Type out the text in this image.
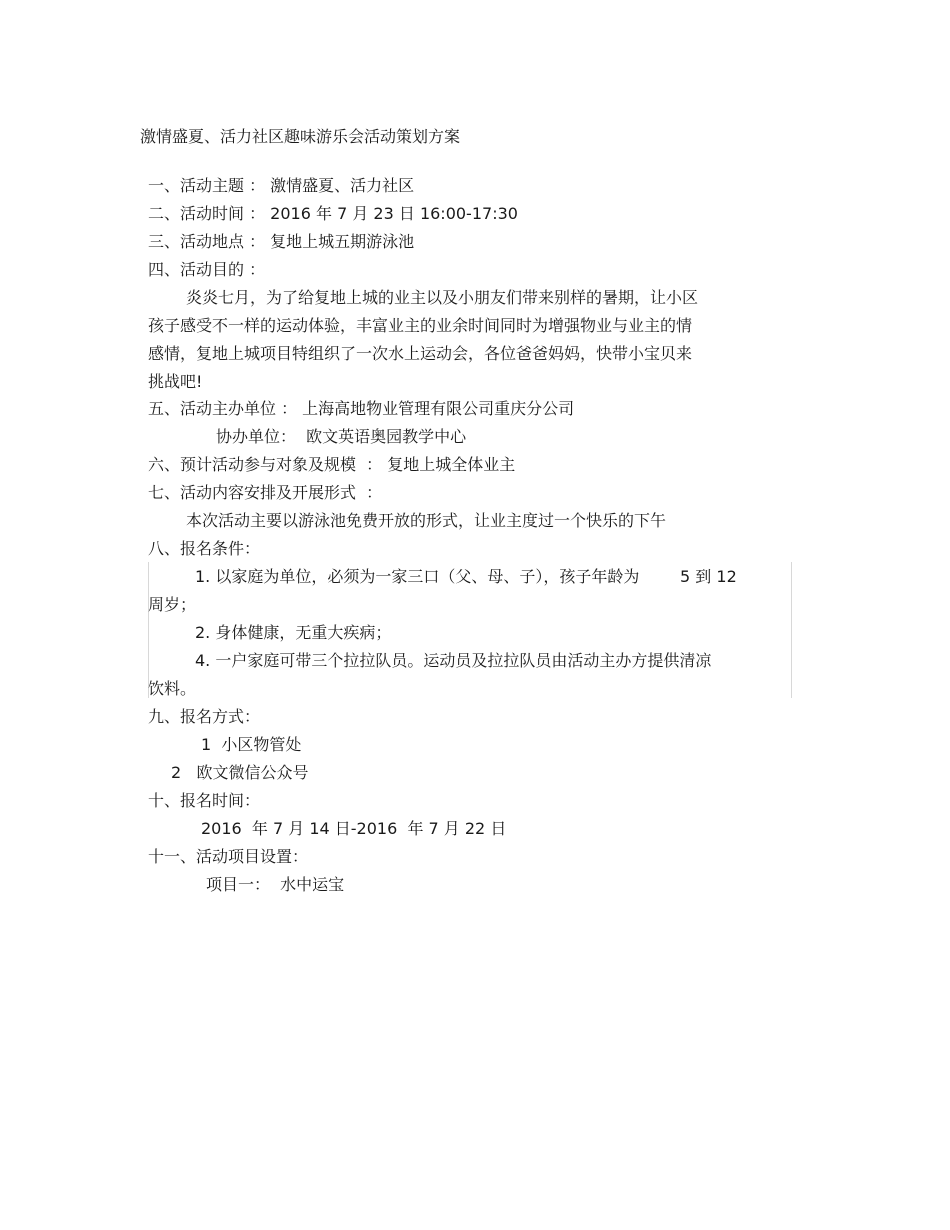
激情盛夏、活力社区趣味游乐会活动策划方案
一、活动主题 ： 激情盛夏、活力社区
二、活动时间 ： 2016 年 7 月 23 日 16:00-17:30
三、活动地点 ： 复地上城五期游泳池
四、活动目的 ：
炎炎七月，为了给复地上城的业主以及小朋友们带来别样的暑期，让小区
孩子感受不一样的运动体验，丰富业主的业余时间同时为增强物业与业主的情
感情，复地上城项目特组织了一次水上运动会，各位爸爸妈妈，快带小宝贝来
挑战吧!
五、活动主办单位 ： 上海高地物业管理有限公司重庆分公司
协办单位：  欧文英语奥园教学中心
六、预计活动参与对象及规模  ： 复地上城全体业主
七、活动内容安排及开展形式  ：
本次活动主要以游泳池免费开放的形式，让业主度过一个快乐的下午
八、报名条件：
1. 以家庭为单位，必须为一家三口（父、母、子），孩子年龄为        5 到 12
周岁；
2. 身体健康，无重大疾病；
4. 一户家庭可带三个拉拉队员。运动员及拉拉队员由活动主办方提供清凉
饮料。
九、报名方式：
1  小区物管处
2   欧文微信公众号
十、报名时间：
2016  年 7 月 14 日-2016  年 7 月 22 日
十一、活动项目设置：
项目一：  水中运宝
